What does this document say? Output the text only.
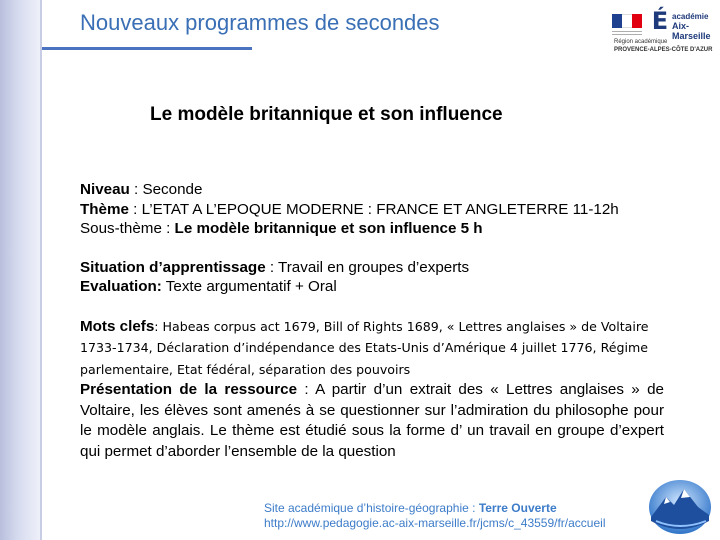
Nouveaux programmes de secondes	É académie
Aix-Marseille
Région académique
PROVENCE-ALPES-CÔTE D'AZUR
Le modèle britannique et son influence

Niveau : Seconde

Thème : L’ETAT A L’EPOQUE MODERNE : FRANCE ET ANGLETERRE 11-12h

Sous-thème : Le modèle britannique et son influence 5 h

Situation d’apprentissage : Travail en groupes d’experts

Evaluation: Texte argumentatif + Oral

Mots clefs: Habeas corpus act 1679, Bill of Rights 1689, « Lettres anglaises » de Voltaire 1733-1734, Déclaration d’indépendance des Etats-Unis d’Amérique 4 juillet 1776, Régime parlementaire, Etat fédéral, séparation des pouvoirs

Présentation de la ressource : A partir d’un extrait des « Lettres anglaises » de Voltaire, les élèves sont amenés à se questionner sur l’admiration du philosophe pour le modèle anglais. Le thème est étudié sous la forme d’ un travail en groupe d’expert qui permet d’aborder l’ensemble de la question

Site académique d’histoire-géographie : Terre Ouverte
http://www.pedagogie.ac-aix-marseille.fr/jcms/c_43559/fr/accueil
